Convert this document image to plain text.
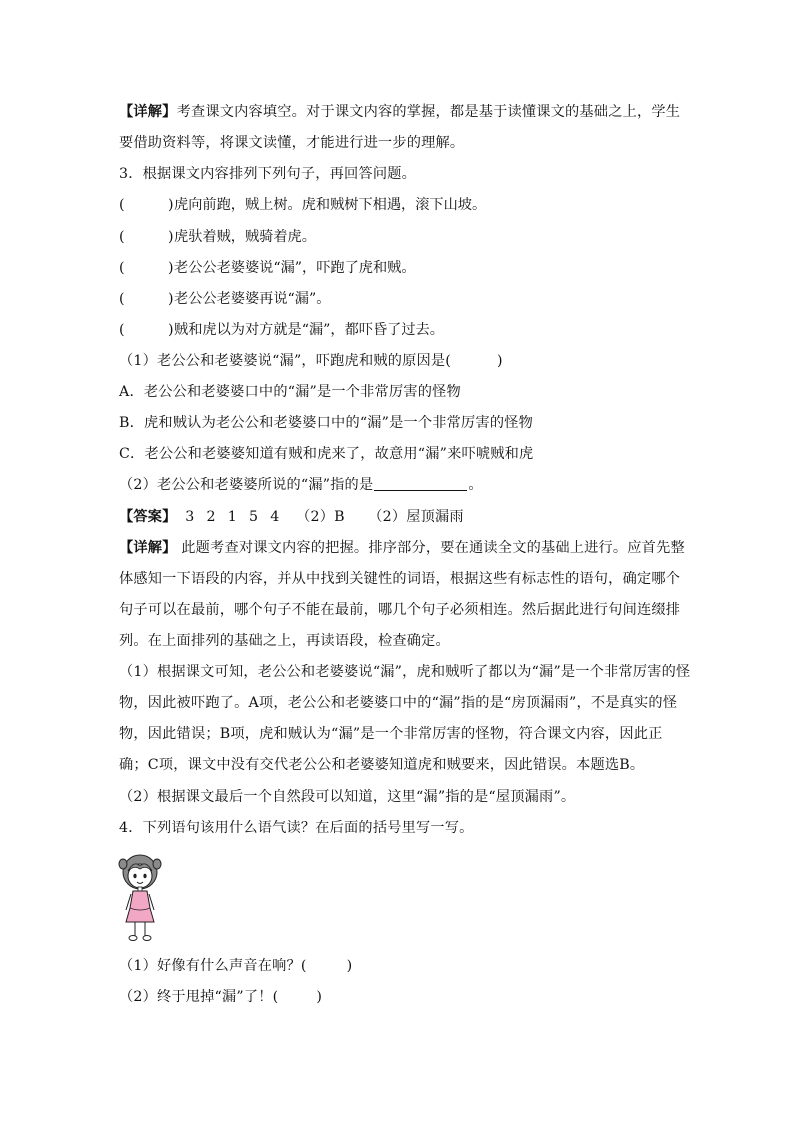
【详解】考查课文内容填空。对于课文内容的掌握，都是基于读懂课文的基础之上，学生
要借助资料等，将课文读懂，才能进行进一步的理解。
3．根据课文内容排列下列句子，再回答问题。
(	) 虎向前跑，贼上树。虎和贼树下相遇，滚下山坡。
(	) 虎驮着贼，贼骑着虎。
(	) 老公公老婆婆说“漏”，吓跑了虎和贼。
(	) 老公公老婆婆再说“漏”。
(	) 贼和虎以为对方就是“漏”，都吓昏了过去。
（1）老公公和老婆婆说“漏”，吓跑虎和贼的原因是(	)
A．老公公和老婆婆口中的“漏”是一个非常厉害的怪物
B．虎和贼认为老公公和老婆婆口中的“漏”是一个非常厉害的怪物
C．老公公和老婆婆知道有贼和虎来了，故意用“漏”来吓唬贼和虎
（2）老公公和老婆婆所说的“漏”指的是	。
【答案】 3 2 1 5 4 （2）B （2）屋顶漏雨
【详解】 此题考查对课文内容的把握。排序部分，要在通读全文的基础上进行。应首先整
体感知一下语段的内容，并从中找到关键性的词语，根据这些有标志性的语句，确定哪个
句子可以在最前，哪个句子不能在最前，哪几个句子必须相连。然后据此进行句间连缀排
列。在上面排列的基础之上，再读语段，检查确定。
（1）根据课文可知，老公公和老婆婆说“漏”，虎和贼听了都以为“漏”是一个非常厉害的怪
物，因此被吓跑了。A项，老公公和老婆婆口中的“漏”指的是“房顶漏雨”，不是真实的怪
物，因此错误；B项，虎和贼认为“漏”是一个非常厉害的怪物，符合课文内容，因此正
确；C项，课文中没有交代老公公和老婆婆知道虎和贼要来，因此错误。本题选B。
（2）根据课文最后一个自然段可以知道，这里“漏”指的是“屋顶漏雨”。
4．下列语句该用什么语气读？在后面的括号里写一写。
（1）好像有什么声音在响？(	)
（2）终于甩掉“漏”了！(	)
